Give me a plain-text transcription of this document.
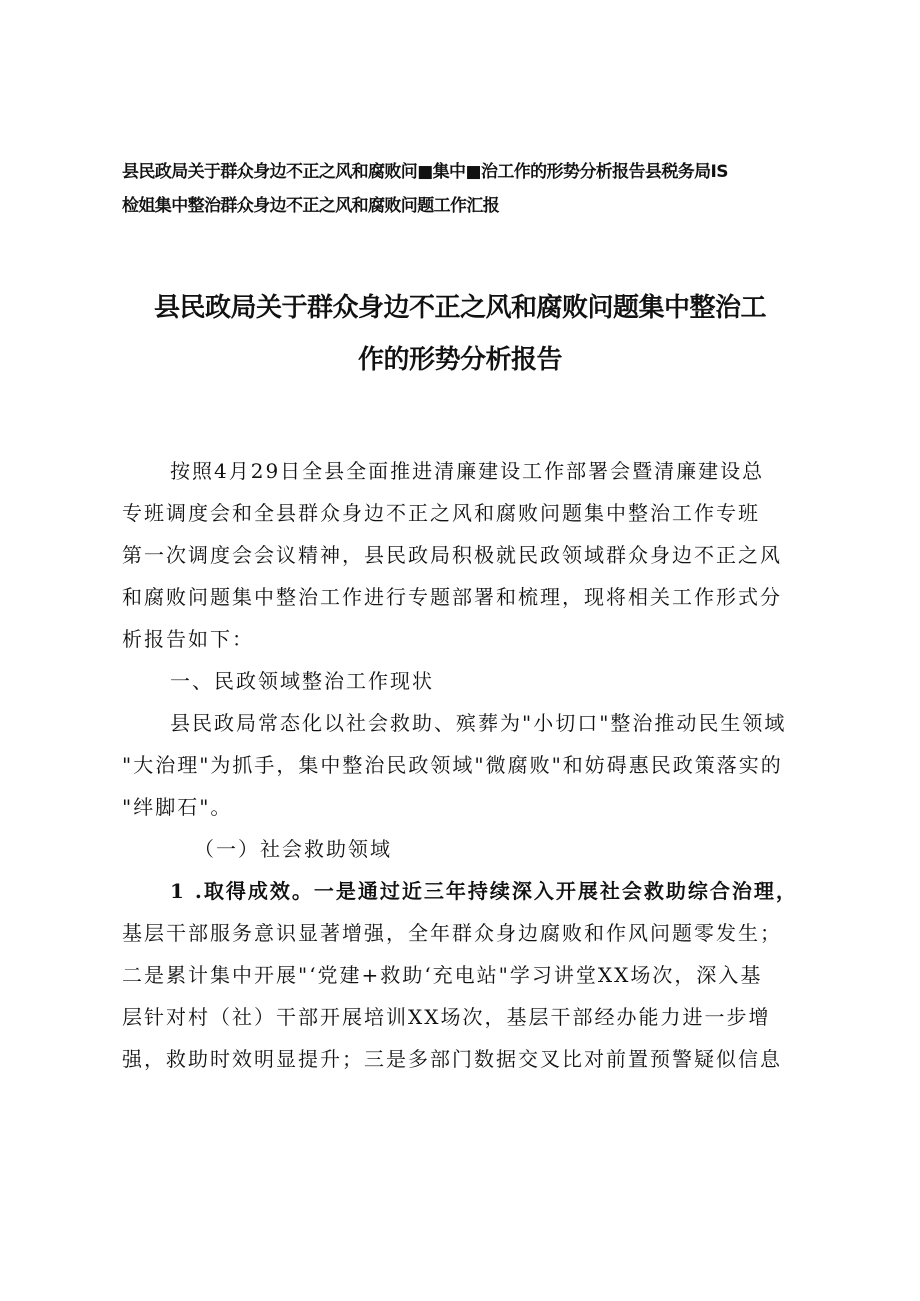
县民政局关于群众身边不正之风和腐败问■集中■治工作的形势分析报告县税务局IS
检姐集中整治群众身边不正之风和腐败问题工作汇报
县民政局关于群众身边不正之风和腐败问题集中整治工
作的形势分析报告
按照4月29日全县全面推进清廉建设工作部署会暨清廉建设总
专班调度会和全县群众身边不正之风和腐败问题集中整治工作专班
第一次调度会会议精神，县民政局积极就民政领域群众身边不正之风
和腐败问题集中整治工作进行专题部署和梳理，现将相关工作形式分
析报告如下：
一、民政领域整治工作现状
县民政局常态化以社会救助、殡葬为"小切口"整治推动民生领域
"大治理"为抓手，集中整治民政领域"微腐败"和妨碍惠民政策落实的
"绊脚石"。
（一）社会救助领域
1 .取得成效。一是通过近三年持续深入开展社会救助综合治理，
基层干部服务意识显著增强，全年群众身边腐败和作风问题零发生；
二是累计集中开展"‘党建+救助‘充电站"学习讲堂XX场次，深入基
层针对村（社）干部开展培训XX场次，基层干部经办能力进一步增
强，救助时效明显提升；三是多部门数据交叉比对前置预警疑似信息
